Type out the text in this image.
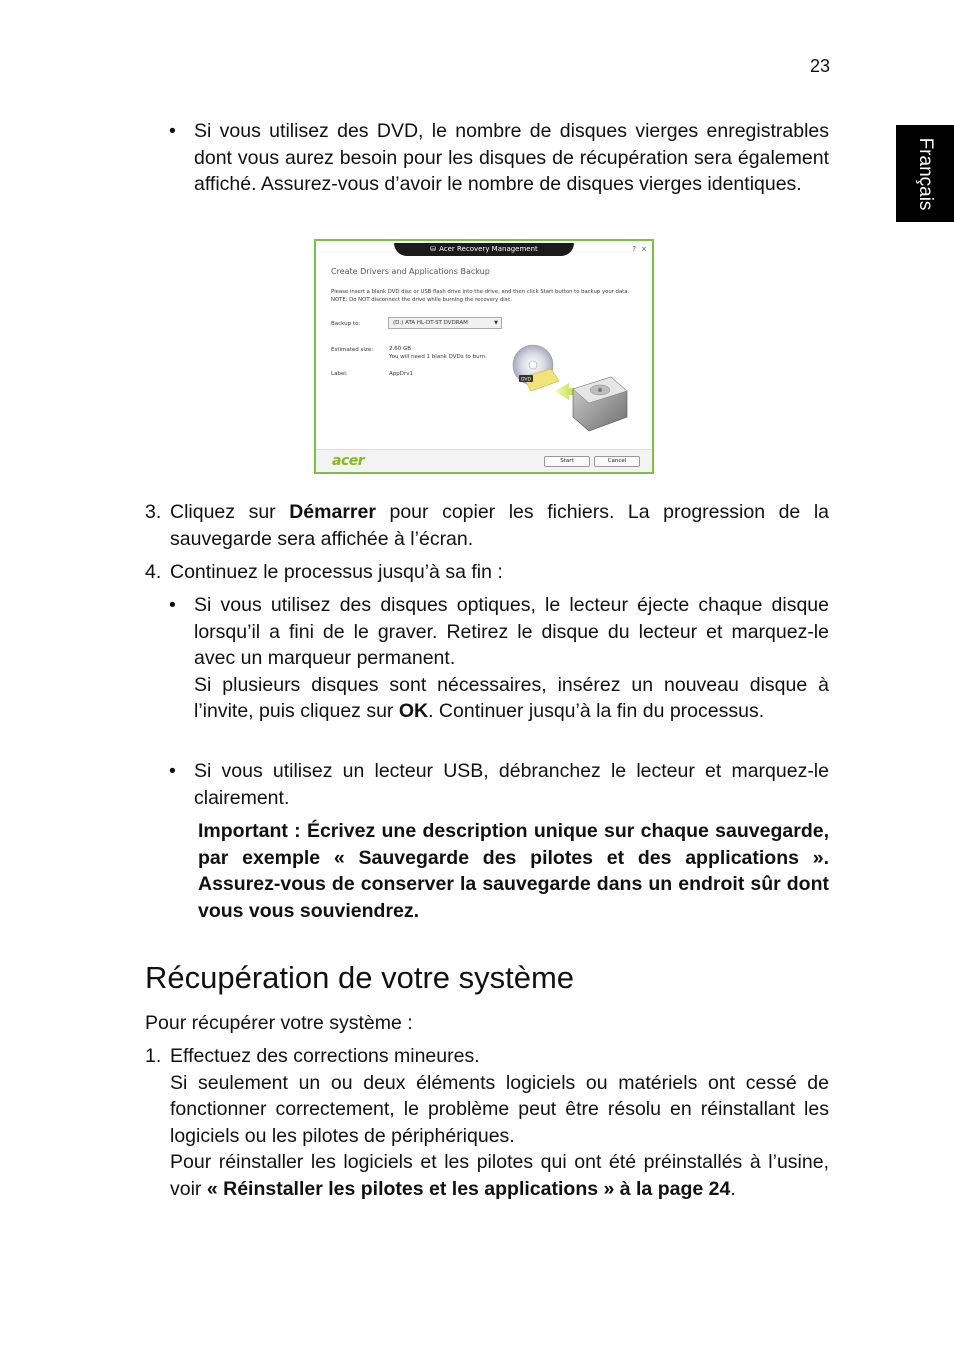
23
Français
• Si vous utilisez des DVD, le nombre de disques vierges enregistrables dont vous aurez besoin pour les disques de récupération sera également affiché. Assurez-vous d’avoir le nombre de disques vierges identiques.
⛁ Acer Recovery Management	? ×
Create Drivers and Applications Backup
Please insert a blank DVD disc or USB flash drive into the drive, and then click Start button to backup your data. NOTE: Do NOT disconnect the drive while burning the recovery disc.
Backup to:	(D:) ATA HL-DT-ST DVDRAM	▼
Estimated size:	2.60 GB
You will need 1 blank DVDs to burn.
Label:	AppDrv1
DVD
acer	Start	Cancel
3. Cliquez sur Démarrer pour copier les fichiers. La progression de la sauvegarde sera affichée à l’écran.
4. Continuez le processus jusqu’à sa fin :
• Si vous utilisez des disques optiques, le lecteur éjecte chaque disque lorsqu’il a fini de le graver. Retirez le disque du lecteur et marquez-le avec un marqueur permanent.
Si plusieurs disques sont nécessaires, insérez un nouveau disque à l’invite, puis cliquez sur OK. Continuer jusqu’à la fin du processus.
• Si vous utilisez un lecteur USB, débranchez le lecteur et marquez-le clairement.
Important : Écrivez une description unique sur chaque sauvegarde, par exemple « Sauvegarde des pilotes et des applications ». Assurez-vous de conserver la sauvegarde dans un endroit sûr dont vous vous souviendrez.
Récupération de votre système
Pour récupérer votre système :
1. Effectuez des corrections mineures.
Si seulement un ou deux éléments logiciels ou matériels ont cessé de fonctionner correctement, le problème peut être résolu en réinstallant les logiciels ou les pilotes de périphériques.
Pour réinstaller les logiciels et les pilotes qui ont été préinstallés à l’usine, voir « Réinstaller les pilotes et les applications » à la page 24.
